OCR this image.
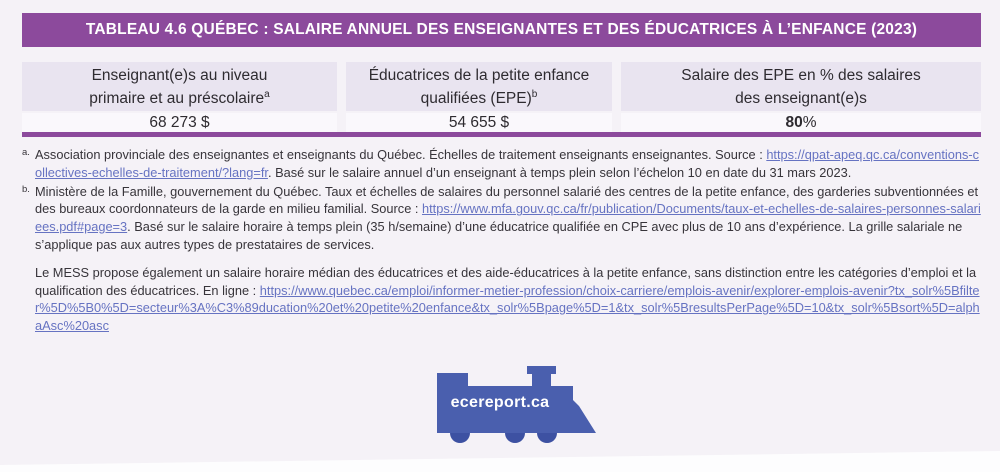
TABLEAU 4.6 QUÉBEC : SALAIRE ANNUEL DES ENSEIGNANTES ET DES ÉDUCATRICES À L’ENFANCE (2023)
Enseignant(e)s au niveau primaire et au préscolaire$^a$
68 273 $
Éducatrices de la petite enfance qualifiées (EPE)$^b$
54 655 $
Salaire des EPE en % des salaires des enseignant(e)s
80 %
a. Association provinciale des enseignantes et enseignants du Québec. Échelles de traitement enseignants enseignantes. Source : https://qpat-apeq.qc.ca/conventions-collectives-echelles-de-traitement/?lang=fr. Basé sur le salaire annuel d’un enseignant à temps plein selon l’échelon 10 en date du 31 mars 2023.
b. Ministère de la Famille, gouvernement du Québec. Taux et échelles de salaires du personnel salarié des centres de la petite enfance, des garderies subventionnées et des bureaux coordonnateurs de la garde en milieu familial. Source : https://www.mfa.gouv.qc.ca/fr/publication/Documents/taux-et-echelles-de-salaires-personnes-salariees.pdf#page=3. Basé sur le salaire horaire à temps plein (35 h/semaine) d’une éducatrice qualifiée en CPE avec plus de 10 ans d’expérience. La grille salariale ne s’applique pas aux autres types de prestataires de services.
Le MESS propose également un salaire horaire médian des éducatrices et des aide-éducatrices à la petite enfance, sans distinction entre les catégories d’emploi et la qualification des éducatrices. En ligne : https://www.quebec.ca/emploi/informer-metier-profession/choix-carriere/emplois-avenir/explorer-emplois-avenir?tx_solr%5Bfilter%5D%5B0%5D=secteur%3A%C3%89ducation%20et%20petite%20enfance&tx_solr%5Bpage%5D=1&tx_solr%5BresultsPerPage%5D=10&tx_solr%5Bsort%5D=alphaAsc%20asc
ecereport.ca
